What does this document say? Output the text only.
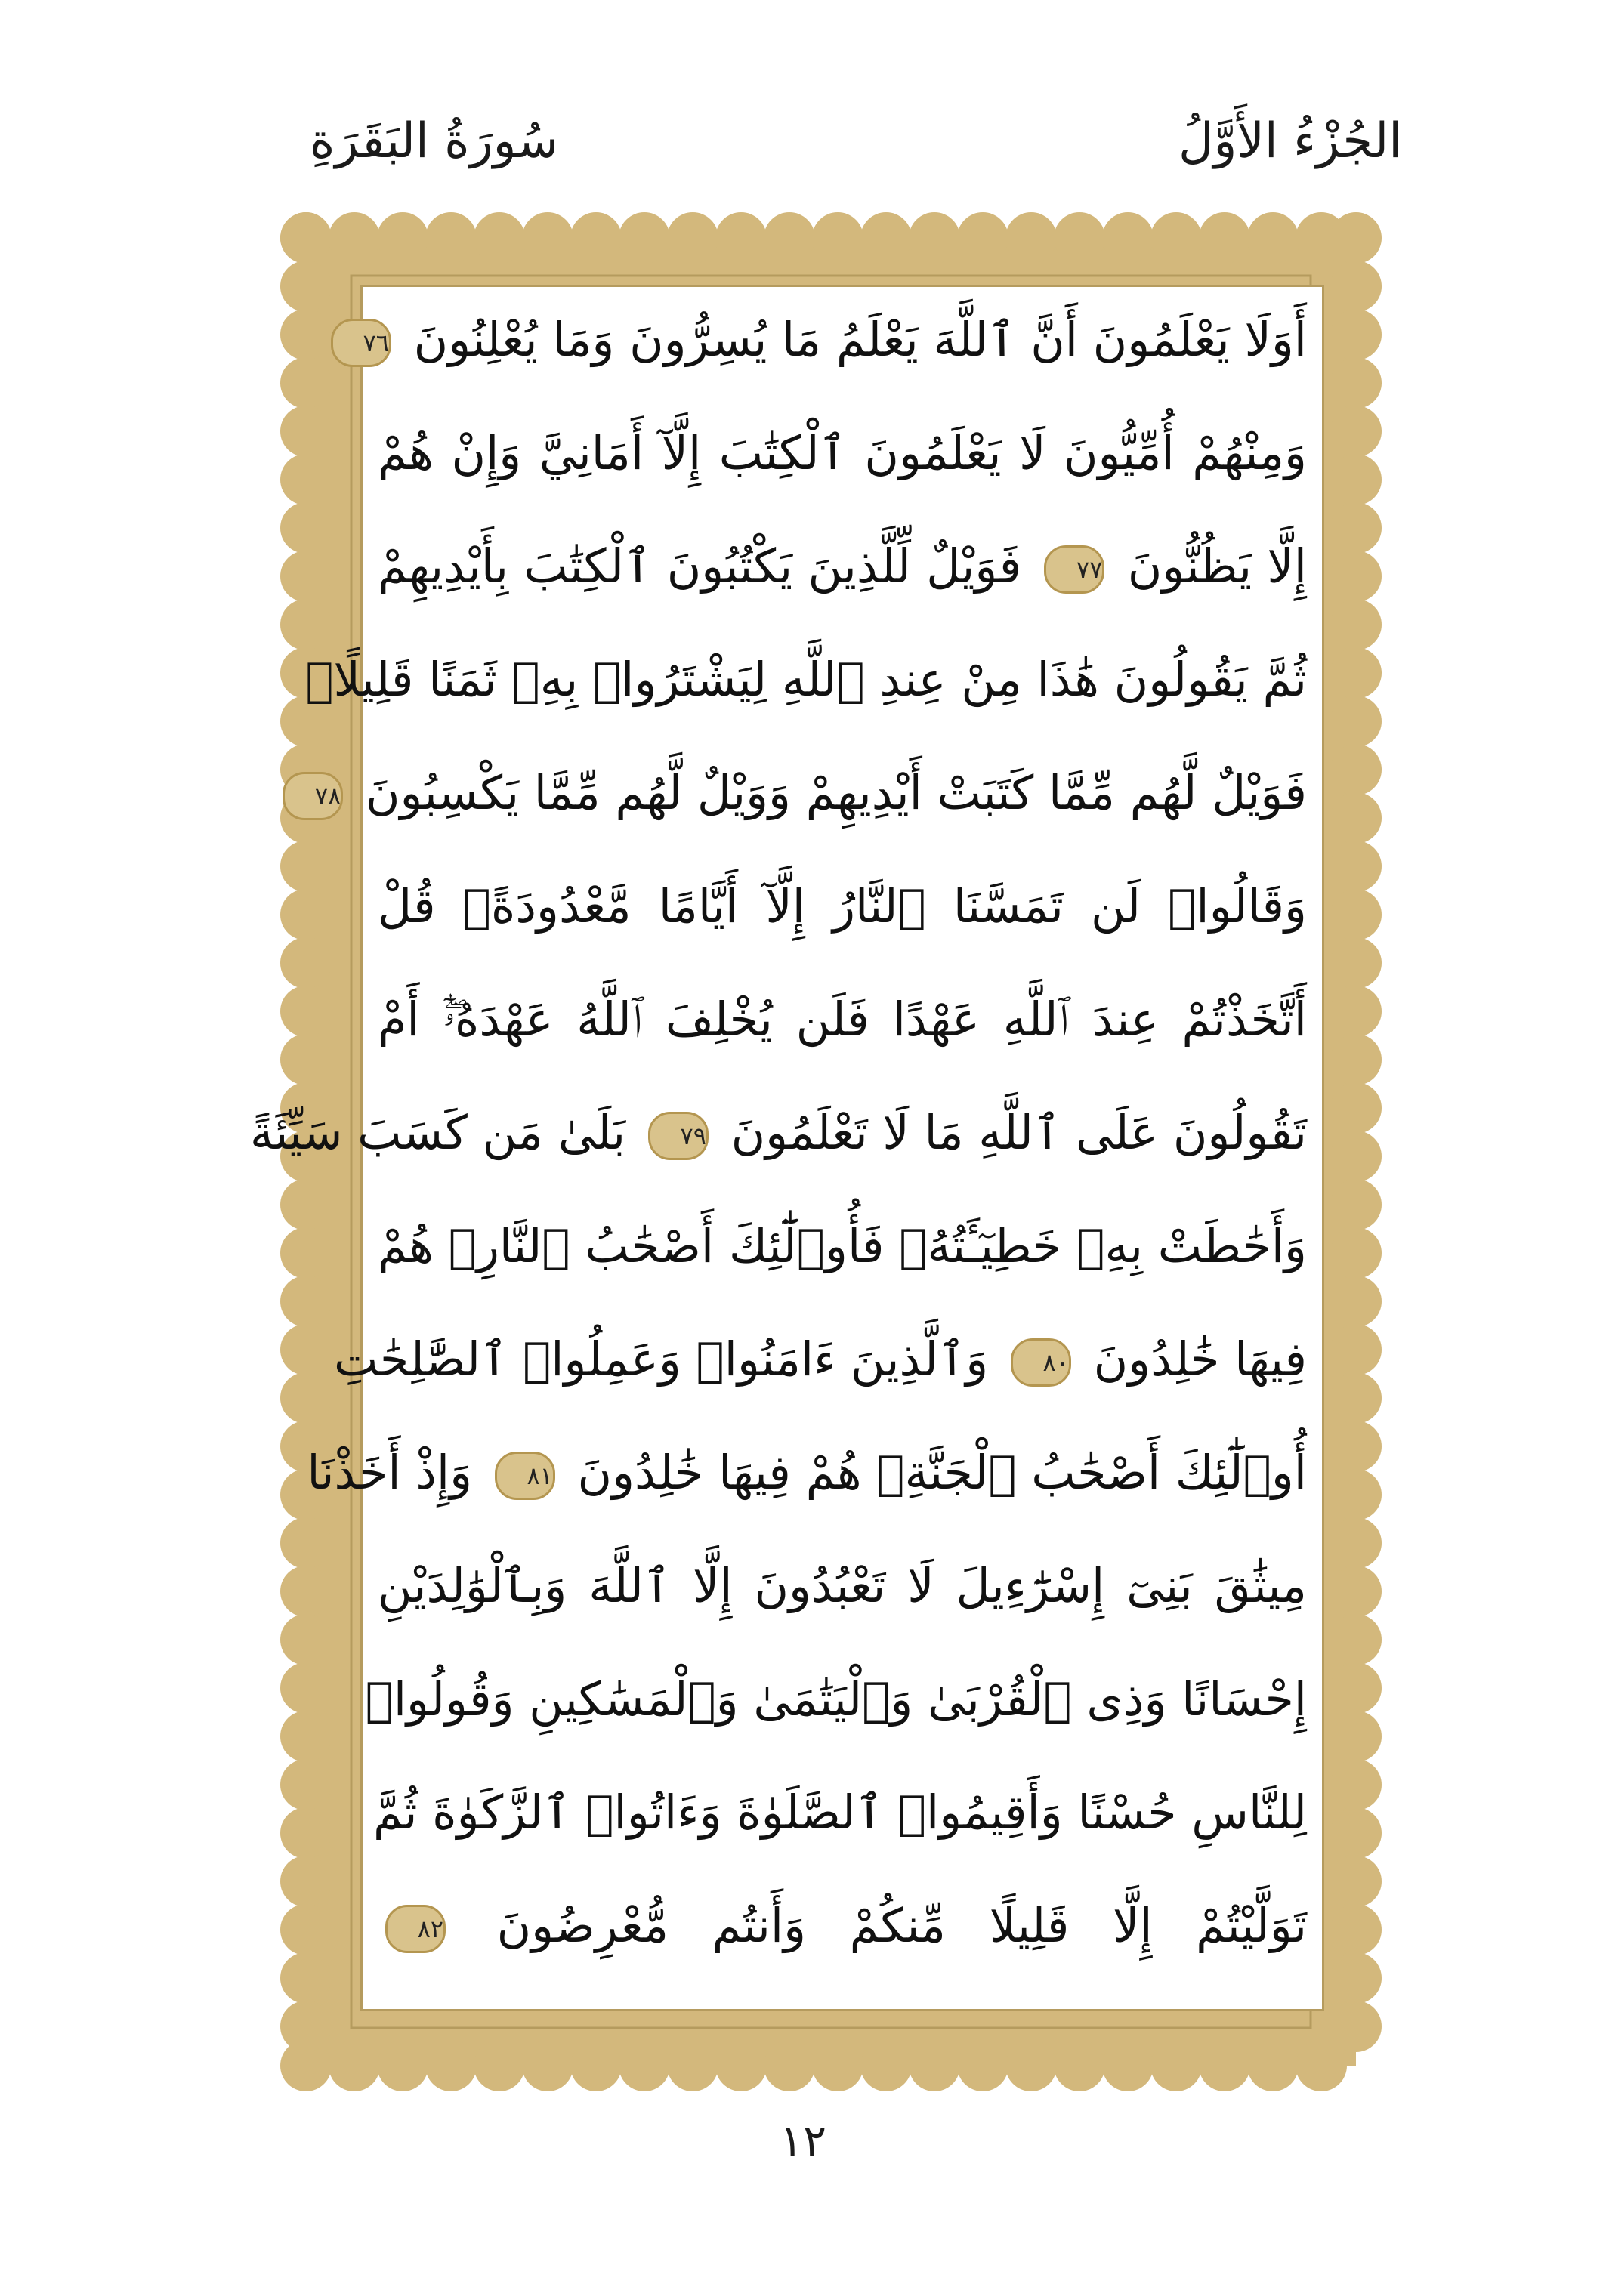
الجُزْءُ الأَوَّلُ
سُورَةُ البَقَرَةِ
أَوَلَا يَعْلَمُونَ أَنَّ ٱللَّهَ يَعْلَمُ مَا يُسِرُّونَ وَمَا يُعْلِنُونَ ٧٦
وَمِنْهُمْ أُمِّيُّونَ لَا يَعْلَمُونَ ٱلْكِتَٰبَ إِلَّآ أَمَانِيَّ وَإِنْ هُمْ
إِلَّا يَظُنُّونَ ٧٧ فَوَيْلٌ لِّلَّذِينَ يَكْتُبُونَ ٱلْكِتَٰبَ بِأَيْدِيهِمْ
ثُمَّ يَقُولُونَ هَٰذَا مِنْ عِندِ ٱللَّهِ لِيَشْتَرُوا۟ بِهِۦ ثَمَنًا قَلِيلًاۖ
فَوَيْلٌ لَّهُم مِّمَّا كَتَبَتْ أَيْدِيهِمْ وَوَيْلٌ لَّهُم مِّمَّا يَكْسِبُونَ ٧٨
وَقَالُوا۟ لَن تَمَسَّنَا ٱلنَّارُ إِلَّآ أَيَّامًا مَّعْدُودَةًۚ قُلْ
أَتَّخَذْتُمْ عِندَ ٱللَّهِ عَهْدًا فَلَن يُخْلِفَ ٱللَّهُ عَهْدَهُۥٓۖ أَمْ
تَقُولُونَ عَلَى ٱللَّهِ مَا لَا تَعْلَمُونَ ٧٩ بَلَىٰ مَن كَسَبَ سَيِّئَةً
وَأَحَٰطَتْ بِهِۦ خَطِيٓـَٔتُهُۥ فَأُو۟لَٰٓئِكَ أَصْحَٰبُ ٱلنَّارِۖ هُمْ
فِيهَا خَٰلِدُونَ ٨٠ وَٱلَّذِينَ ءَامَنُوا۟ وَعَمِلُوا۟ ٱلصَّٰلِحَٰتِ
أُو۟لَٰٓئِكَ أَصْحَٰبُ ٱلْجَنَّةِۖ هُمْ فِيهَا خَٰلِدُونَ ٨١ وَإِذْ أَخَذْنَا
مِيثَٰقَ بَنِىٓ إِسْرَٰٓءِيلَ لَا تَعْبُدُونَ إِلَّا ٱللَّهَ وَبِٱلْوَٰلِدَيْنِ
إِحْسَانًا وَذِى ٱلْقُرْبَىٰ وَٱلْيَتَٰمَىٰ وَٱلْمَسَٰكِينِ وَقُولُوا۟
لِلنَّاسِ حُسْنًا وَأَقِيمُوا۟ ٱلصَّلَوٰةَ وَءَاتُوا۟ ٱلزَّكَوٰةَ ثُمَّ
تَوَلَّيْتُمْ إِلَّا قَلِيلًا مِّنكُمْ وَأَنتُم مُّعْرِضُونَ ٨٢
١٢
